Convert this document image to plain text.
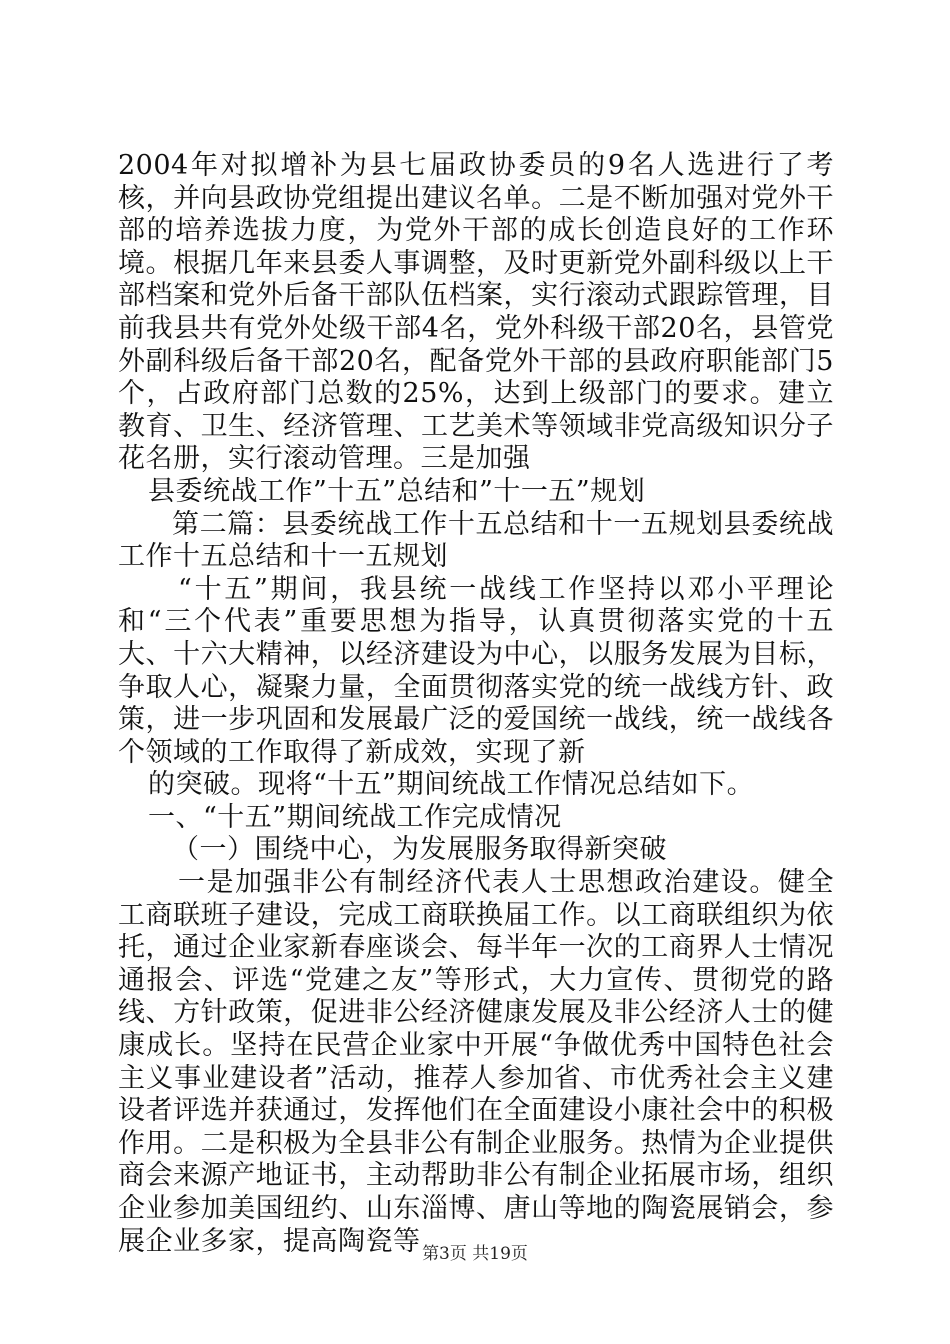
2004年对拟增补为县七届政协委员的9名人选进行了考核，并向县政协党组提出建议名单。二是不断加强对党外干部的培养选拔力度，为党外干部的成长创造良好的工作环境。根据几年来县委人事调整，及时更新党外副科级以上干部档案和党外后备干部队伍档案，实行滚动式跟踪管理，目前我县共有党外处级干部4名，党外科级干部20名，县管党外副科级后备干部20名，配备党外干部的县政府职能部门5个，占政府部门总数的25%，达到上级部门的要求。建立教育、卫生、经济管理、工艺美术等领域非党高级知识分子花名册，实行滚动管理。三是加强

县委统战工作”十五”总结和”十一五”规划

第二篇：县委统战工作十五总结和十一五规划县委统战工作十五总结和十一五规划

“十五”期间，我县统一战线工作坚持以邓小平理论和“三个代表”重要思想为指导，认真贯彻落实党的十五大、十六大精神，以经济建设为中心，以服务发展为目标，争取人心，凝聚力量，全面贯彻落实党的统一战线方针、政策，进一步巩固和发展最广泛的爱国统一战线，统一战线各个领域的工作取得了新成效，实现了新

的突破。现将“十五”期间统战工作情况总结如下。

一、“十五”期间统战工作完成情况

（一）围绕中心，为发展服务取得新突破

一是加强非公有制经济代表人士思想政治建设。健全工商联班子建设，完成工商联换届工作。以工商联组织为依托，通过企业家新春座谈会、每半年一次的工商界人士情况通报会、评选“党建之友”等形式，大力宣传、贯彻党的路线、方针政策，促进非公经济健康发展及非公经济人士的健康成长。坚持在民营企业家中开展“争做优秀中国特色社会主义事业建设者”活动，推荐人参加省、市优秀社会主义建设者评选并获通过，发挥他们在全面建设小康社会中的积极作用。二是积极为全县非公有制企业服务。热情为企业提供商会来源产地证书，主动帮助非公有制企业拓展市场，组织企业参加美国纽约、山东淄博、唐山等地的陶瓷展销会，参展企业多家，提高陶瓷等 第3页 共19页
